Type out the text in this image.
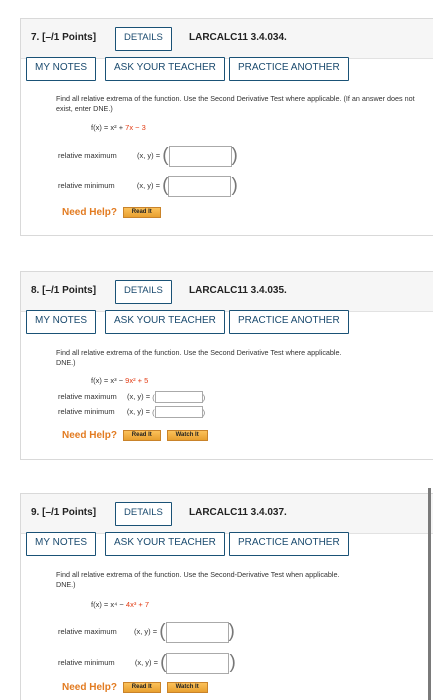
7. [–/1 Points]	DETAILS	LARCALC11 3.4.034.
MY NOTES	ASK YOUR TEACHER	PRACTICE ANOTHER
Find all relative extrema of the function. Use the Second Derivative Test where applicable. (If an answer does not exist, enter DNE.)
f(x) = x² + 7x − 3
relative maximum	(x, y) = (	)
relative minimum	(x, y) = (	)
Need Help? Read It
8. [–/1 Points]	DETAILS	LARCALC11 3.4.035.
MY NOTES	ASK YOUR TEACHER	PRACTICE ANOTHER
Find all relative extrema of the function. Use the Second Derivative Test where applicable.
DNE.)
f(x) = x³ − 9x² + 5
relative maximum (x, y) = (	)
relative minimum (x, y) = (	)
Need Help? Read It	Watch It
9. [–/1 Points]	DETAILS	LARCALC11 3.4.037.
MY NOTES	ASK YOUR TEACHER	PRACTICE ANOTHER
Find all relative extrema of the function. Use the Second-Derivative Test when applicable.
DNE.)
f(x) = x⁴ − 4x³ + 7
relative maximum (x, y) = (	)
relative minimum	(x, y) = (	)
Need Help? Read It	Watch It
